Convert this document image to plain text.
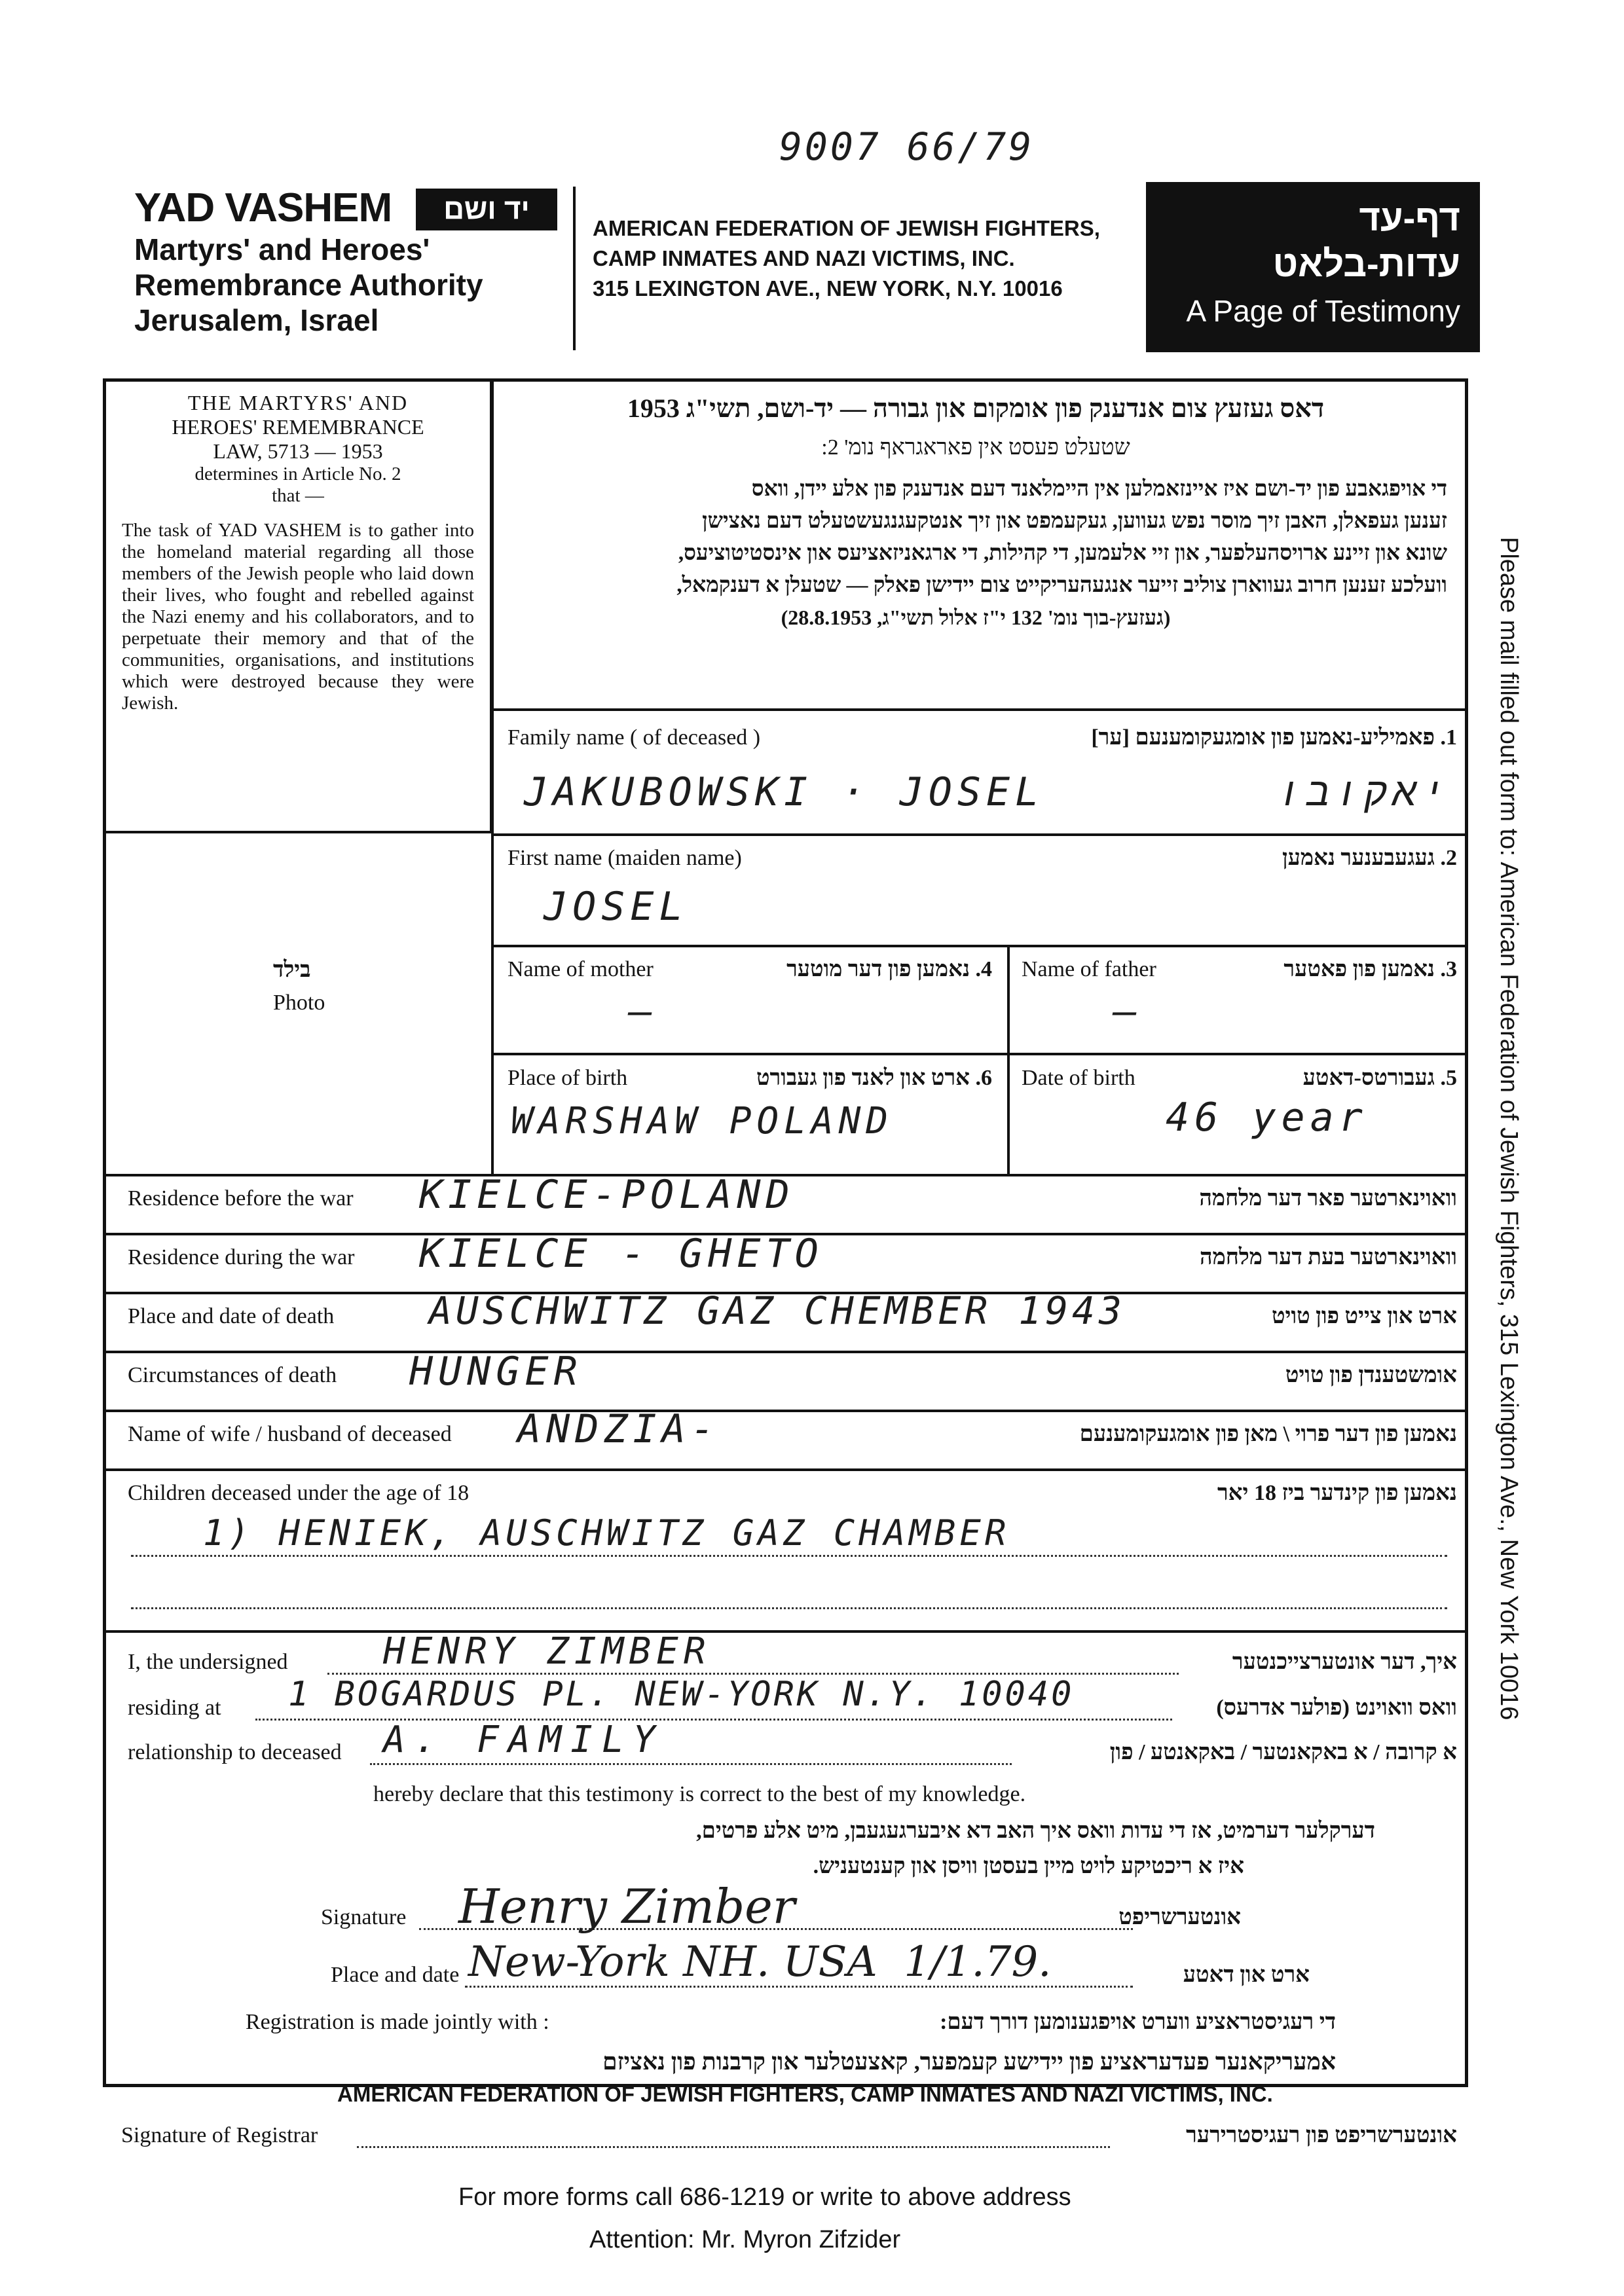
9007 66/79
YAD VASHEM	יד ושם
Martyrs' and Heroes'
Remembrance Authority
Jerusalem, Israel
AMERICAN FEDERATION OF JEWISH FIGHTERS,
CAMP INMATES AND NAZI VICTIMS, INC.
315 LEXINGTON AVE., NEW YORK, N.Y. 10016
דף-עד
עדות-בלאט
A Page of Testimony
THE MARTYRS' AND
HEROES' REMEMBRANCE
LAW, 5713 — 1953
determines in Article No. 2
that —
The task of YAD VASHEM is to gather into the homeland material regarding all those members of the Jewish people who laid down their lives, who fought and rebelled against the Nazi enemy and his collaborators, and to perpetuate their memory and that of the communities, organisations, and institutions which were destroyed because they were Jewish.
בילד
Photo
דאס געזעץ צום אנדענק פון אומקום און גבורה — יד-ושם, תשי"ג 1953
שטעלט פעסט אין פאראגראף נומ' 2:
די אויפגאבע פון יד-ושם איז איינזאמלען אין היימלאנד דעם אנדענק פון אלע יידן, וואס
זענען געפאלן, האבן זיך מוסר נפש געווען, געקעמפט און זיך אנטקעגנגעשטעלט דעם נאצישן
שונא און זיינע ארויסהעלפער, און זיי אלעמען, די קהילות, די ארגאניזאציעס און אינסטיטוציעס,
וועלכע זענען חרוב געווארן צוליב זייער אנגעהעריקייט צום יידישן פאלק — שטעלן א דענקמאל,
(געזעץ-בוך נומ' 132 י"ז אלול תשי"ג, 28.8.1953)
Family name ( of deceased )	1. פאמיליע-נאמען פון אומגעקומענעם [ער]
JAKUBOWSKI · JOSEL	יאקובו
First name (maiden name)	2. געגעבענער נאמען
JOSEL
Name of mother	4. נאמען פון דער מוטער
—
Name of father	3. נאמען פון פאטער
—
Place of birth	6. ארט און לאנד פון געבורט
WARSHAW POLAND
Date of birth	5. געבורטס-דאטע
46 year
Residence before the war	וואוינארטער פאר דער מלחמה
KIELCE-POLAND
Residence during the war	וואוינארטער בעת דער מלחמה
KIELCE - GHETO
Place and date of death	ארט און צייט פון טויט
AUSCHWITZ GAZ CHEMBER 1943
Circumstances of death	אומשטענדן פון טויט
HUNGER
Name of wife / husband of deceased	נאמען פון דער פרוי \ מאן פון אומגעקומענעם
ANDZIA-
Children deceased under the age of 18	נאמען פון קינדער ביז 18 יאר
1) HENIEK, AUSCHWITZ GAZ CHAMBER
I, the undersigned	HENRY ZIMBER	איך, דער אונטערצייכנטער
residing at 1 BOGARDUS PL. NEW-YORK N.Y. 10040	וואס וואוינט (פולער אדרעס)
relationship to deceased A. FAMILY	א קרובה / א באקאנטער / באקאנטע / פון
hereby declare that this testimony is correct to the best of my knowledge.
דערקלער דערמיט, אז די עדות וואס איך האב דא איבערגעגעבן, מיט אלע פרטים,
איז א ריכטיקע לויט מיין בעסטן וויסן און קענטעניש.
Signature Henry Zimber	אונטערשריפט
Place and date New-York NH. USA  1/1.79.	ארט און דאטע
Registration is made jointly with :	די רעגיסטראציע ווערט אויפגענומען דורך דעם:
אמעריקאנער פעדעראציע פון יידישע קעמפער, קאצעטלער און קרבנות פון נאציזם
AMERICAN FEDERATION OF JEWISH FIGHTERS, CAMP INMATES AND NAZI VICTIMS, INC.
Signature of Registrar	אונטערשריפט פון רעגיסטרירער
Please mail filled out form to: American Federation of Jewish Fighters, 315 Lexington Ave., New York 10016
For more forms call 686-1219 or write to above address
Attention: Mr. Myron Zifzider
